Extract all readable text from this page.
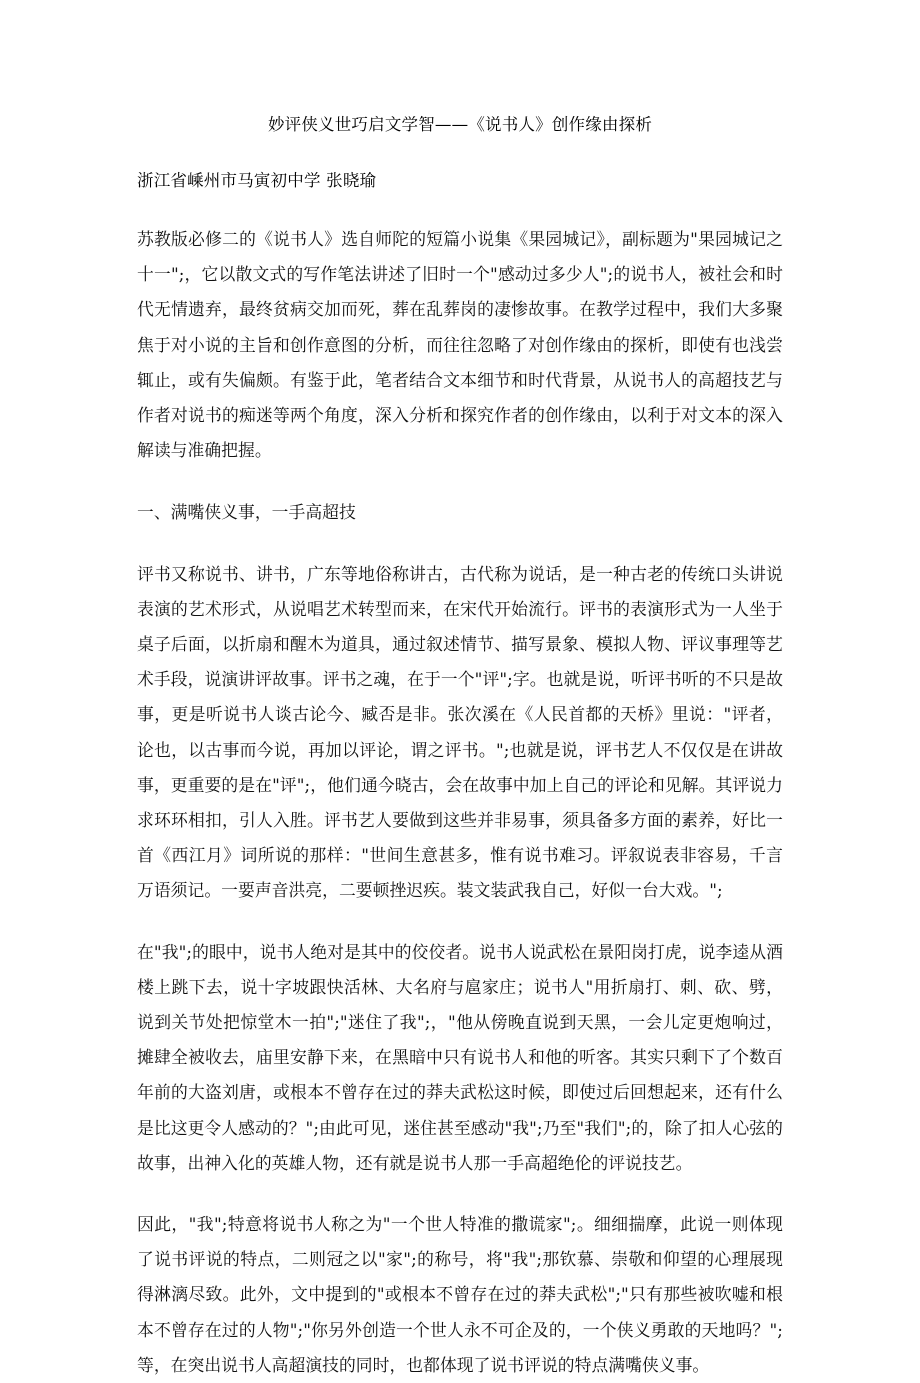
妙评侠义世巧启文学智——《说书人》创作缘由探析

浙江省嵊州市马寅初中学 张晓瑜

苏教版必修二的《说书人》选自师陀的短篇小说集《果园城记》，副标题为"果园城记之十一";，它以散文式的写作笔法讲述了旧时一个"感动过多少人";的说书人，被社会和时代无情遗弃，最终贫病交加而死，葬在乱葬岗的凄惨故事。在教学过程中，我们大多聚焦于对小说的主旨和创作意图的分析，而往往忽略了对创作缘由的探析，即使有也浅尝辄止，或有失偏颇。有鉴于此，笔者结合文本细节和时代背景，从说书人的高超技艺与作者对说书的痴迷等两个角度，深入分析和探究作者的创作缘由，以利于对文本的深入解读与准确把握。

一、满嘴侠义事，一手高超技

评书又称说书、讲书，广东等地俗称讲古，古代称为说话，是一种古老的传统口头讲说表演的艺术形式，从说唱艺术转型而来，在宋代开始流行。评书的表演形式为一人坐于桌子后面，以折扇和醒木为道具，通过叙述情节、描写景象、模拟人物、评议事理等艺术手段，说演讲评故事。评书之魂，在于一个"评";字。也就是说，听评书听的不只是故事，更是听说书人谈古论今、臧否是非。张次溪在《人民首都的天桥》里说："评者，论也，以古事而今说，再加以评论，谓之评书。";也就是说，评书艺人不仅仅是在讲故事，更重要的是在"评";，他们通今晓古，会在故事中加上自己的评论和见解。其评说力求环环相扣，引人入胜。评书艺人要做到这些并非易事，须具备多方面的素养，好比一首《西江月》词所说的那样："世间生意甚多，惟有说书难习。评叙说表非容易，千言万语须记。一要声音洪亮，二要顿挫迟疾。装文装武我自己，好似一台大戏。";

在"我";的眼中，说书人绝对是其中的佼佼者。说书人说武松在景阳岗打虎，说李逵从酒楼上跳下去，说十字坡跟快活林、大名府与扈家庄；说书人"用折扇打、刺、砍、劈，说到关节处把惊堂木一拍";"迷住了我";，"他从傍晚直说到天黑，一会儿定更炮响过，摊肆全被收去，庙里安静下来，在黑暗中只有说书人和他的听客。其实只剩下了个数百年前的大盗刘唐，或根本不曾存在过的莽夫武松这时候，即使过后回想起来，还有什么是比这更令人感动的？";由此可见，迷住甚至感动"我";乃至"我们";的，除了扣人心弦的故事，出神入化的英雄人物，还有就是说书人那一手高超绝伦的评说技艺。

因此，"我";特意将说书人称之为"一个世人特准的撒谎家";。细细揣摩，此说一则体现了说书评说的特点，二则冠之以"家";的称号，将"我";那钦慕、崇敬和仰望的心理展现得淋漓尽致。此外，文中提到的"或根本不曾存在过的莽夫武松";"只有那些被吹嘘和根本不曾存在过的人物";"你另外创造一个世人永不可企及的，一个侠义勇敢的天地吗？";等，在突出说书人高超演技的同时，也都体现了说书评说的特点满嘴侠义事。
